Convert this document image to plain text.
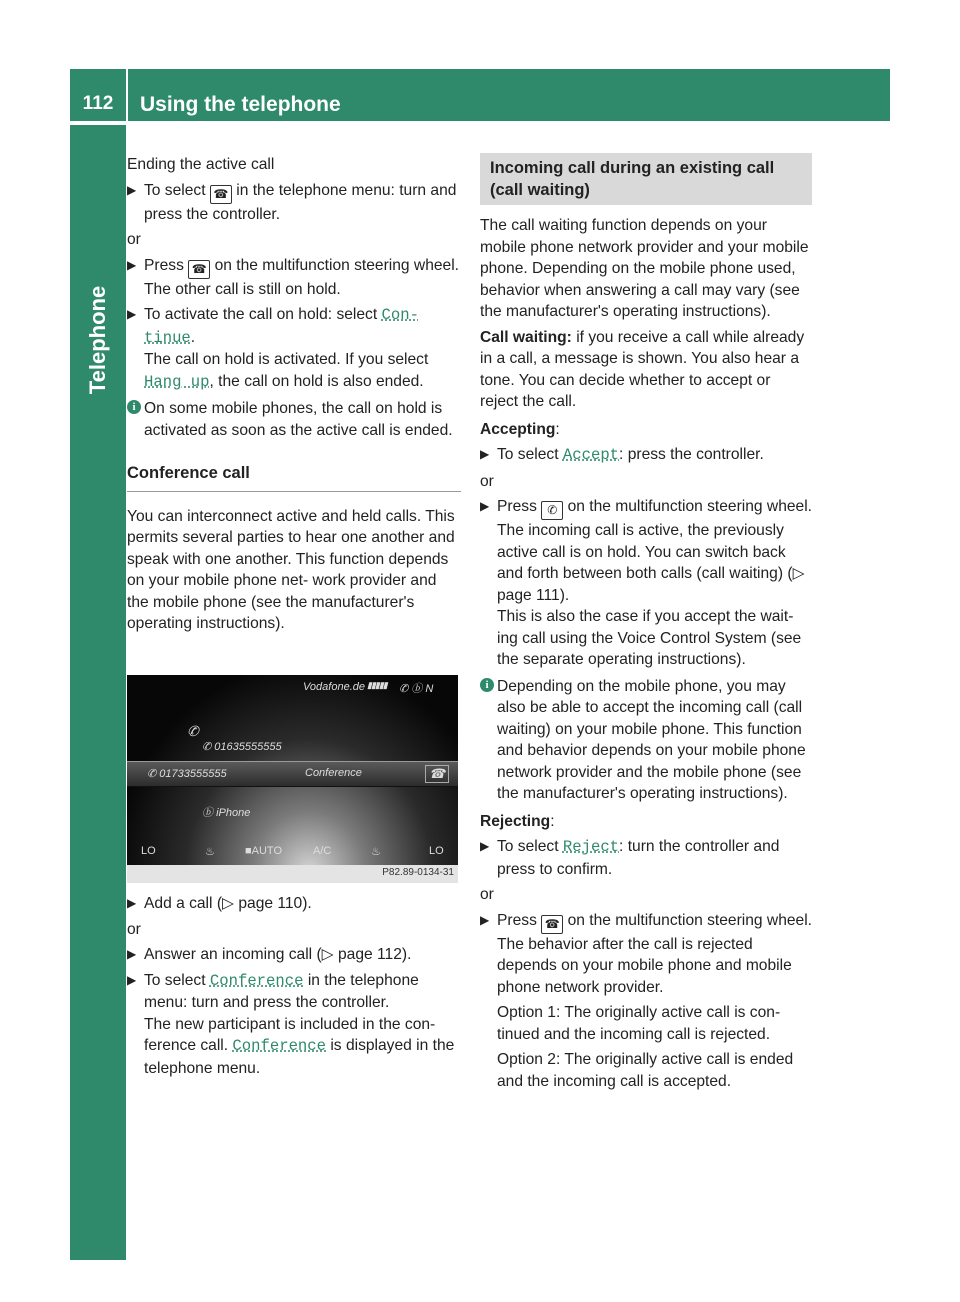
112	Using the telephone
Telephone

Ending the active call

▶ To select ☎ in the telephone menu: turn and press the controller.

or

▶ Press ☎ on the multifunction steering wheel.
The other call is still on hold.
▶ To activate the call on hold: select Con‐ tinue.
The call on hold is activated. If you select Hang up, the call on hold is also ended.
i On some mobile phones, the call on hold is activated as soon as the active call is ended.
Conference call

You can interconnect active and held calls. This permits several parties to hear one another and speak with one another. This function depends on your mobile phone net‐ work provider and the mobile phone (see the manufacturer's operating instructions).

Vodafone.de ▮▮▮▮▮ ✆ ⓑ N
✆
✆ 01635555555
✆ 01733555555	Conference	☎
ⓑ iPhone
LO	♨	■AUTO	A/C	♨	LO
P82.89-0134-31
▶ Add a call (▷ page 110).

or

▶ Answer an incoming call (▷ page 112).
▶ To select Conference in the telephone menu: turn and press the controller.
The new participant is included in the con‐ ference call. Conference is displayed in the telephone menu.
Incoming call during an existing call (call waiting)

The call waiting function depends on your mobile phone network provider and your mobile phone. Depending on the mobile phone used, behavior when answering a call may vary (see the manufacturer's operating instructions).

Call waiting: if you receive a call while already in a call, a message is shown. You also hear a tone. You can decide whether to accept or reject the call.

Accepting:

▶ To select Accept: press the controller.

or

▶ Press ✆ on the multifunction steering wheel.
The incoming call is active, the previously active call is on hold. You can switch back and forth between both calls (call waiting) (▷ page 111).
This is also the case if you accept the wait‐ ing call using the Voice Control System (see the separate operating instructions).
i Depending on the mobile phone, you may also be able to accept the incoming call (call waiting) on your mobile phone. This function and behavior depends on your mobile phone network provider and the mobile phone (see the manufacturer's operating instructions).

Rejecting:

▶ To select Reject: turn the controller and press to confirm.

or

▶ Press ☎ on the multifunction steering wheel.
The behavior after the call is rejected depends on your mobile phone and mobile phone network provider.

Option 1: The originally active call is con‐ tinued and the incoming call is rejected.

Option 2: The originally active call is ended and the incoming call is accepted.
